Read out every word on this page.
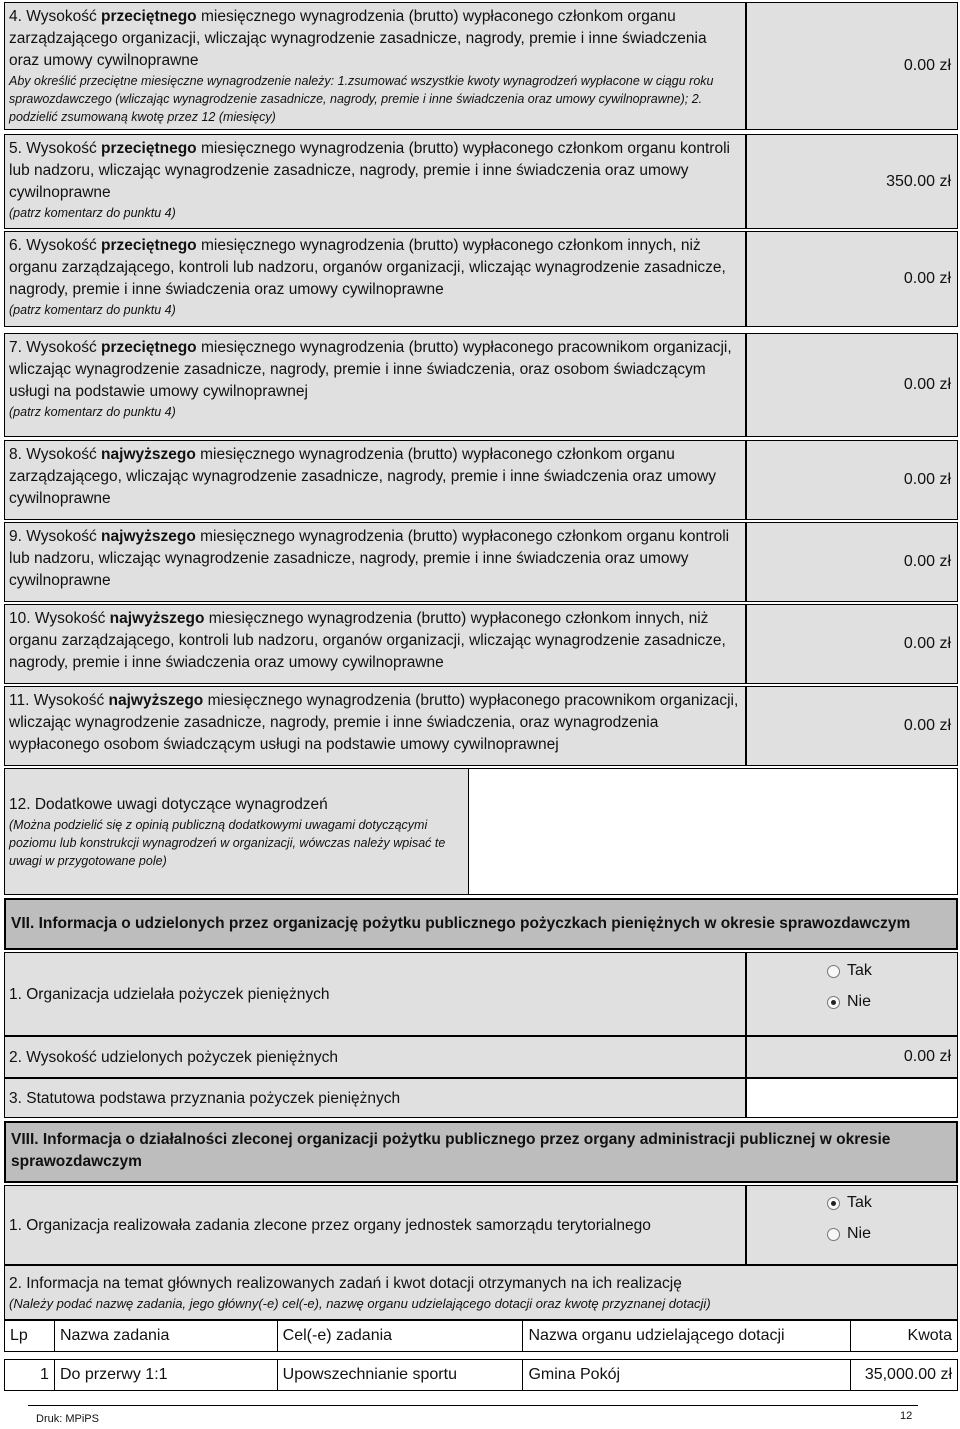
4. Wysokość przeciętnego miesięcznego wynagrodzenia (brutto) wypłaconego członkom organu zarządzającego organizacji, wliczając wynagrodzenie zasadnicze, nagrody, premie i inne świadczenia oraz umowy cywilnoprawne
Aby określić przeciętne miesięczne wynagrodzenie należy: 1.zsumować wszystkie kwoty wynagrodzeń wypłacone w ciągu roku sprawozdawczego (wliczając wynagrodzenie zasadnicze, nagrody, premie i inne świadczenia oraz umowy cywilnoprawne); 2. podzielić zsumowaną kwotę przez 12 (miesięcy)
0.00 zł
5. Wysokość przeciętnego miesięcznego wynagrodzenia (brutto) wypłaconego członkom organu kontroli lub nadzoru, wliczając wynagrodzenie zasadnicze, nagrody, premie i inne świadczenia oraz umowy cywilnoprawne
(patrz komentarz do punktu 4)
350.00 zł
6. Wysokość przeciętnego miesięcznego wynagrodzenia (brutto) wypłaconego członkom innych, niż organu zarządzającego, kontroli lub nadzoru, organów organizacji, wliczając wynagrodzenie zasadnicze, nagrody, premie i inne świadczenia oraz umowy cywilnoprawne
(patrz komentarz do punktu 4)
0.00 zł
7. Wysokość przeciętnego miesięcznego wynagrodzenia (brutto) wypłaconego pracownikom organizacji, wliczając wynagrodzenie zasadnicze, nagrody, premie i inne świadczenia, oraz osobom świadczącym usługi na podstawie umowy cywilnoprawnej
(patrz komentarz do punktu 4)
0.00 zł
8. Wysokość najwyższego miesięcznego wynagrodzenia (brutto) wypłaconego członkom organu zarządzającego, wliczając wynagrodzenie zasadnicze, nagrody, premie i inne świadczenia oraz umowy cywilnoprawne
0.00 zł
9. Wysokość najwyższego miesięcznego wynagrodzenia (brutto) wypłaconego członkom organu kontroli lub nadzoru, wliczając wynagrodzenie zasadnicze, nagrody, premie i inne świadczenia oraz umowy cywilnoprawne
0.00 zł
10. Wysokość najwyższego miesięcznego wynagrodzenia (brutto) wypłaconego członkom innych, niż organu zarządzającego, kontroli lub nadzoru, organów organizacji, wliczając wynagrodzenie zasadnicze, nagrody, premie i inne świadczenia oraz umowy cywilnoprawne
0.00 zł
11. Wysokość najwyższego miesięcznego wynagrodzenia (brutto) wypłaconego pracownikom organizacji, wliczając wynagrodzenie zasadnicze, nagrody, premie i inne świadczenia, oraz wynagrodzenia wypłaconego osobom świadczącym usługi na podstawie umowy cywilnoprawnej
0.00 zł
12. Dodatkowe uwagi dotyczące wynagrodzeń
(Można podzielić się z opinią publiczną dodatkowymi uwagami dotyczącymi poziomu lub konstrukcji wynagrodzeń w organizacji, wówczas należy wpisać te uwagi w przygotowane pole)
VII. Informacja o udzielonych przez organizację pożytku publicznego pożyczkach pieniężnych w okresie sprawozdawczym
1. Organizacja udzielała pożyczek pieniężnych
Tak
Nie
2. Wysokość udzielonych pożyczek pieniężnych	0.00 zł
3. Statutowa podstawa przyznania pożyczek pieniężnych
VIII. Informacja o działalności zleconej organizacji pożytku publicznego przez organy administracji publicznej w okresie sprawozdawczym
1. Organizacja realizowała zadania zlecone przez organy jednostek samorządu terytorialnego
Tak
Nie
2. Informacja na temat głównych realizowanych zadań i kwot dotacji otrzymanych na ich realizację
(Należy podać nazwę zadania, jego główny(-e) cel(-e), nazwę organu udzielającego dotacji oraz kwotę przyznanej dotacji)
Lp	Nazwa zadania	Cel(-e) zadania	Nazwa organu udzielającego dotacji	Kwota

1	Do przerwy 1:1	Upowszechnianie sportu	Gmina Pokój	35,000.00 zł
Druk: MPiPS	12
